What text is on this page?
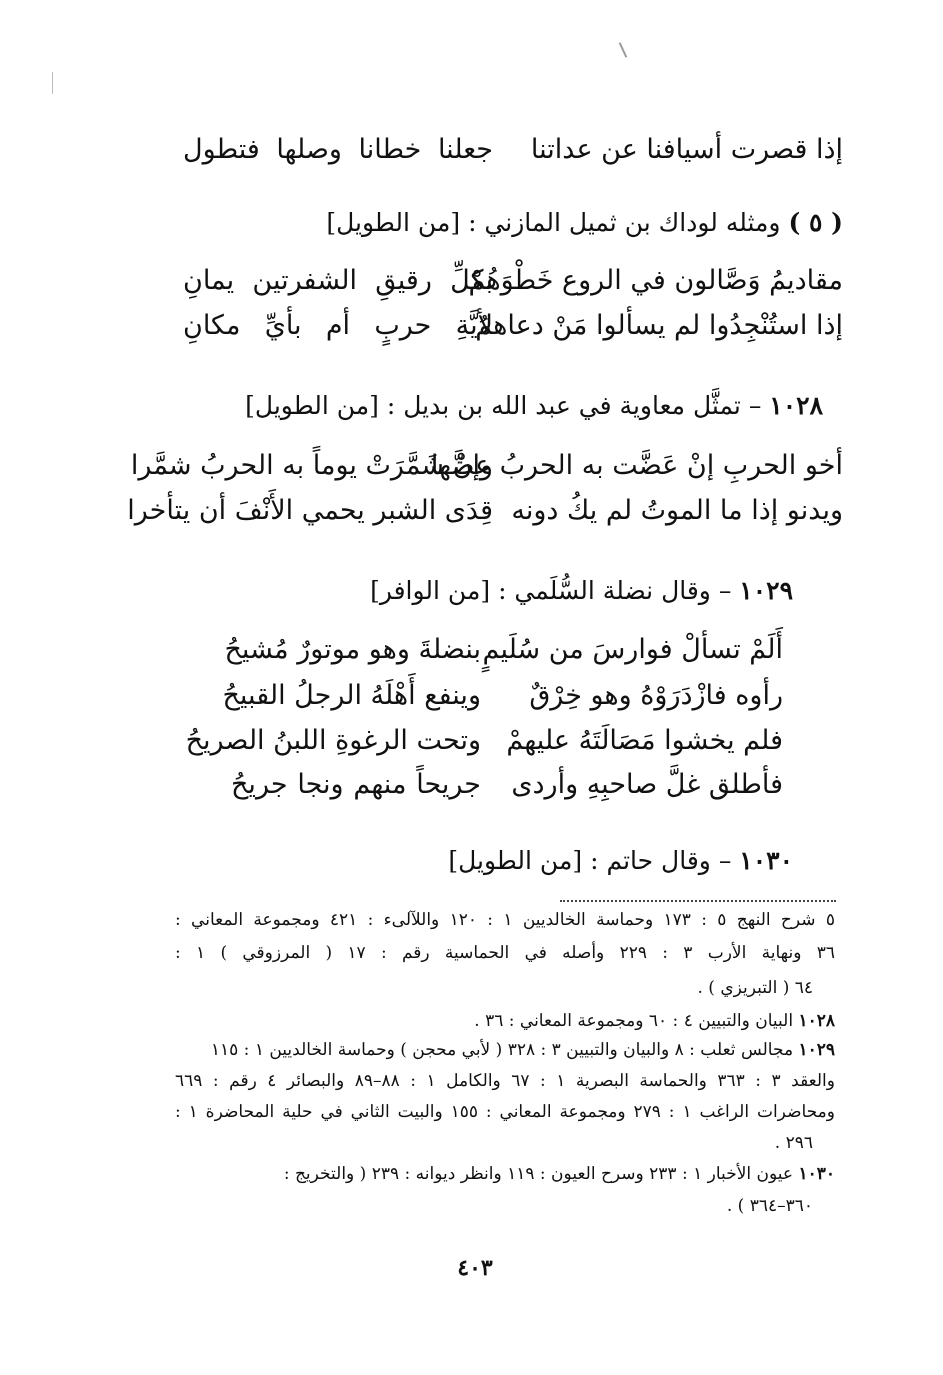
إذا قصرت أسيافنا عن عداتنا
جعلنا خطانا وصلها فتطول
( ٥ ) ومثله لوداك بن ثميل المازني : [من الطويل]
مقاديمُ وَصَّالون في الروع خَطْوَهُمْ
بكلِّ رقيقِ الشفرتين يمانِ
إذا استُنْجِدُوا لم يسألوا مَنْ دعاهمُ
لأيَّةِ حربٍ أم بأيِّ مكانِ
١٠٢٨ – تمثَّل معاوية في عبد الله بن بديل : [من الطويل]
أخو الحربِ إنْ عَضَّت به الحربُ عضَّها
وإنْ شَمَّرَتْ يوماً به الحربُ شمَّرا
ويدنو إذا ما الموتُ لم يكُ دونه
قِدَى الشبر يحمي الأَنْفَ أن يتأخرا
١٠٢٩ – وقال نضلة السُّلَمي : [من الوافر]
أَلَمْ تسألْ فوارسَ من سُلَيمٍ
بنضلةَ وهو موتورٌ مُشيحُ
رأوه فازْدَرَوْهُ وهو خِرْقٌ
وينفع أَهْلَهُ الرجلُ القبيحُ
فلم يخشوا مَصَالَتَهُ عليهمْ
وتحت الرغوةِ اللبنُ الصريحُ
فأطلق غلَّ صاحبِهِ وأردى
جريحاً منهم ونجا جريحُ
١٠٣٠ – وقال حاتم : [من الطويل]
٥ شرح النهج ٥ : ١٧٣ وحماسة الخالديين ١ : ١٢٠ واللآلىء : ٤٢١ ومجموعة المعاني :
٣٦ ونهاية الأرب ٣ : ٢٢٩ وأصله في الحماسية رقم : ١٧ ( المرزوقي ) ١ :
٦٤ ( التبريزي ) .
١٠٢٨ البيان والتبيين ٤ : ٦٠ ومجموعة المعاني : ٣٦ .
١٠٢٩ مجالس ثعلب : ٨ والبيان والتبيين ٣ : ٣٢٨ ( لأبي محجن ) وحماسة الخالديين ١ : ١١٥
والعقد ٣ : ٣٦٣ والحماسة البصرية ١ : ٦٧ والكامل ١ : ٨٨–٨٩ والبصائر ٤ رقم : ٦٦٩
ومحاضرات الراغب ١ : ٢٧٩ ومجموعة المعاني : ١٥٥ والبيت الثاني في حلية المحاضرة ١ :
٢٩٦ .
١٠٣٠ عيون الأخبار ١ : ٢٣٣ وسرح العيون : ١١٩ وانظر ديوانه : ٢٣٩ ( والتخريج :
٣٦٠–٣٦٤ ) .
٤٠٣
